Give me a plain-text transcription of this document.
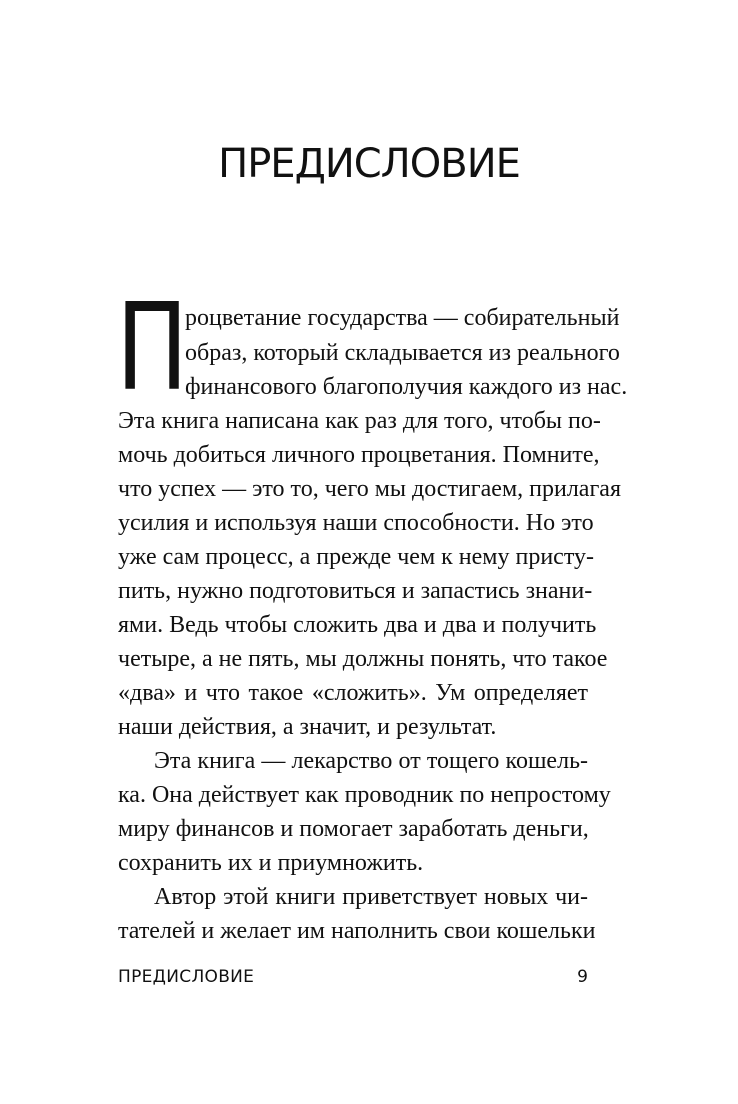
ПРЕДИСЛОВИЕ
П
роцветание государства — собирательный
образ, который складывается из реального
финансового благополучия каждого из нас.
Эта книга написана как раз для того, чтобы по-
мочь добиться личного процветания. Помните,
что успех — это то, чего мы достигаем, прилагая
усилия и используя наши способности. Но это
уже сам процесс, а прежде чем к нему присту-
пить, нужно подготовиться и запастись знани-
ями. Ведь чтобы сложить два и два и получить
четыре, а не пять, мы должны понять, что такое
«два» и что такое «сложить». Ум определяет
наши действия, а значит, и результат.
Эта книга — лекарство от тощего кошель-
ка. Она действует как проводник по непростому
миру финансов и помогает заработать деньги,
сохранить их и приумножить.
Автор этой книги приветствует новых чи-
тателей и желает им наполнить свои кошельки
ПРЕДИСЛОВИЕ	9
